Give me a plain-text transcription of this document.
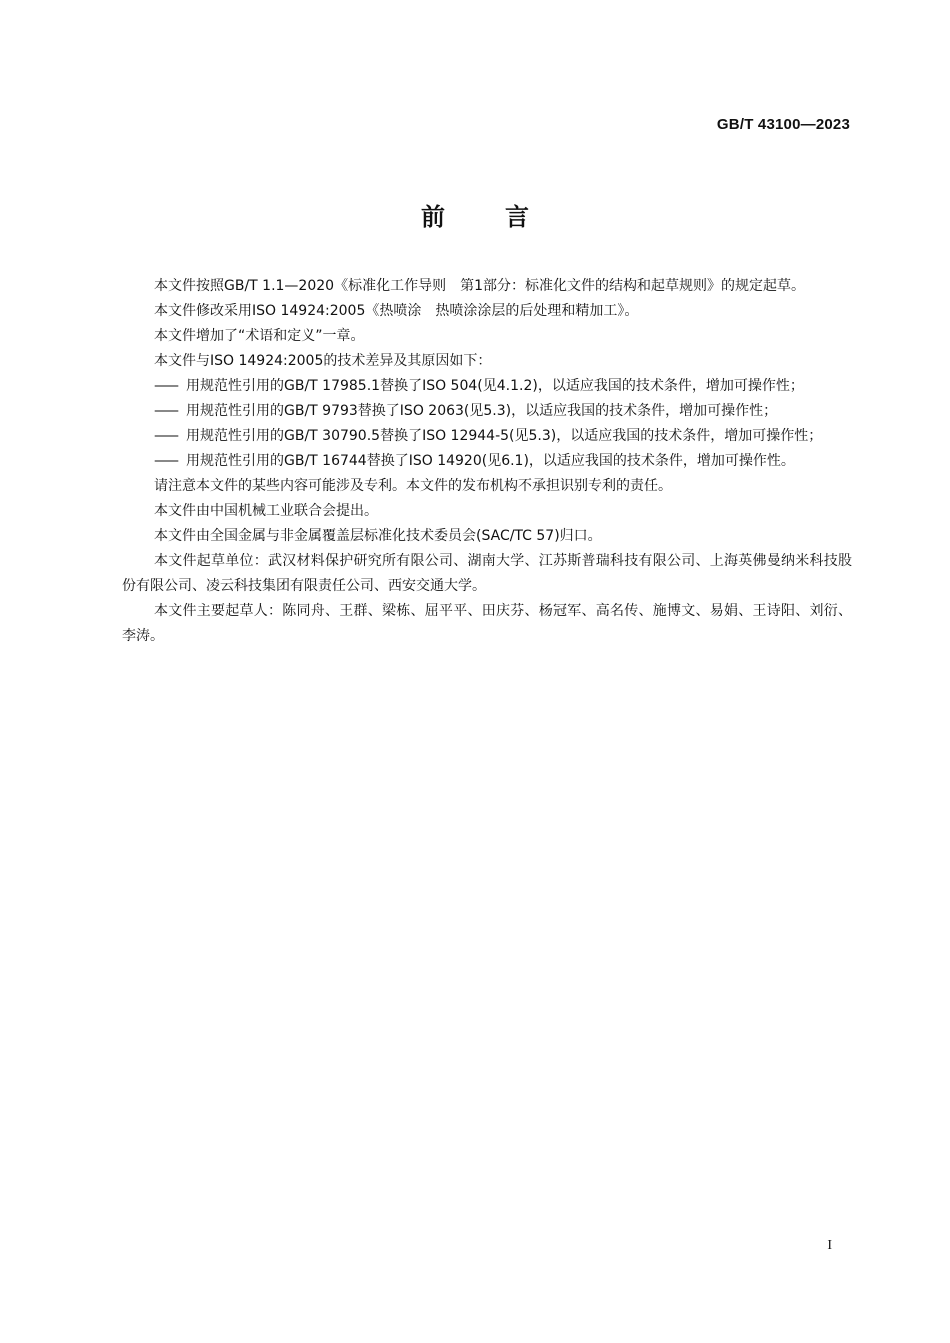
GB/T 43100—2023
前言

本文件按照GB/T 1.1—2020《标准化工作导则　第1部分：标准化文件的结构和起草规则》的规定起草。

本文件修改采用ISO 14924:2005《热喷涂　热喷涂涂层的后处理和精加工》。

本文件增加了“术语和定义”一章。

本文件与ISO 14924:2005的技术差异及其原因如下：

—— 用规范性引用的GB/T 17985.1替换了ISO 504(见4.1.2)，以适应我国的技术条件，增加可操作性；
—— 用规范性引用的GB/T 9793替换了ISO 2063(见5.3)，以适应我国的技术条件，增加可操作性；
—— 用规范性引用的GB/T 30790.5替换了ISO 12944-5(见5.3)，以适应我国的技术条件，增加可操作性；
—— 用规范性引用的GB/T 16744替换了ISO 14920(见6.1)，以适应我国的技术条件，增加可操作性。

请注意本文件的某些内容可能涉及专利。本文件的发布机构不承担识别专利的责任。

本文件由中国机械工业联合会提出。

本文件由全国金属与非金属覆盖层标准化技术委员会(SAC/TC 57)归口。

本文件起草单位：武汉材料保护研究所有限公司、湖南大学、江苏斯普瑞科技有限公司、上海英佛曼纳米科技股份有限公司、凌云科技集团有限责任公司、西安交通大学。

本文件主要起草人：陈同舟、王群、梁栋、屈平平、田庆芬、杨冠军、高名传、施博文、易娟、王诗阳、刘衍、李涛。

I
